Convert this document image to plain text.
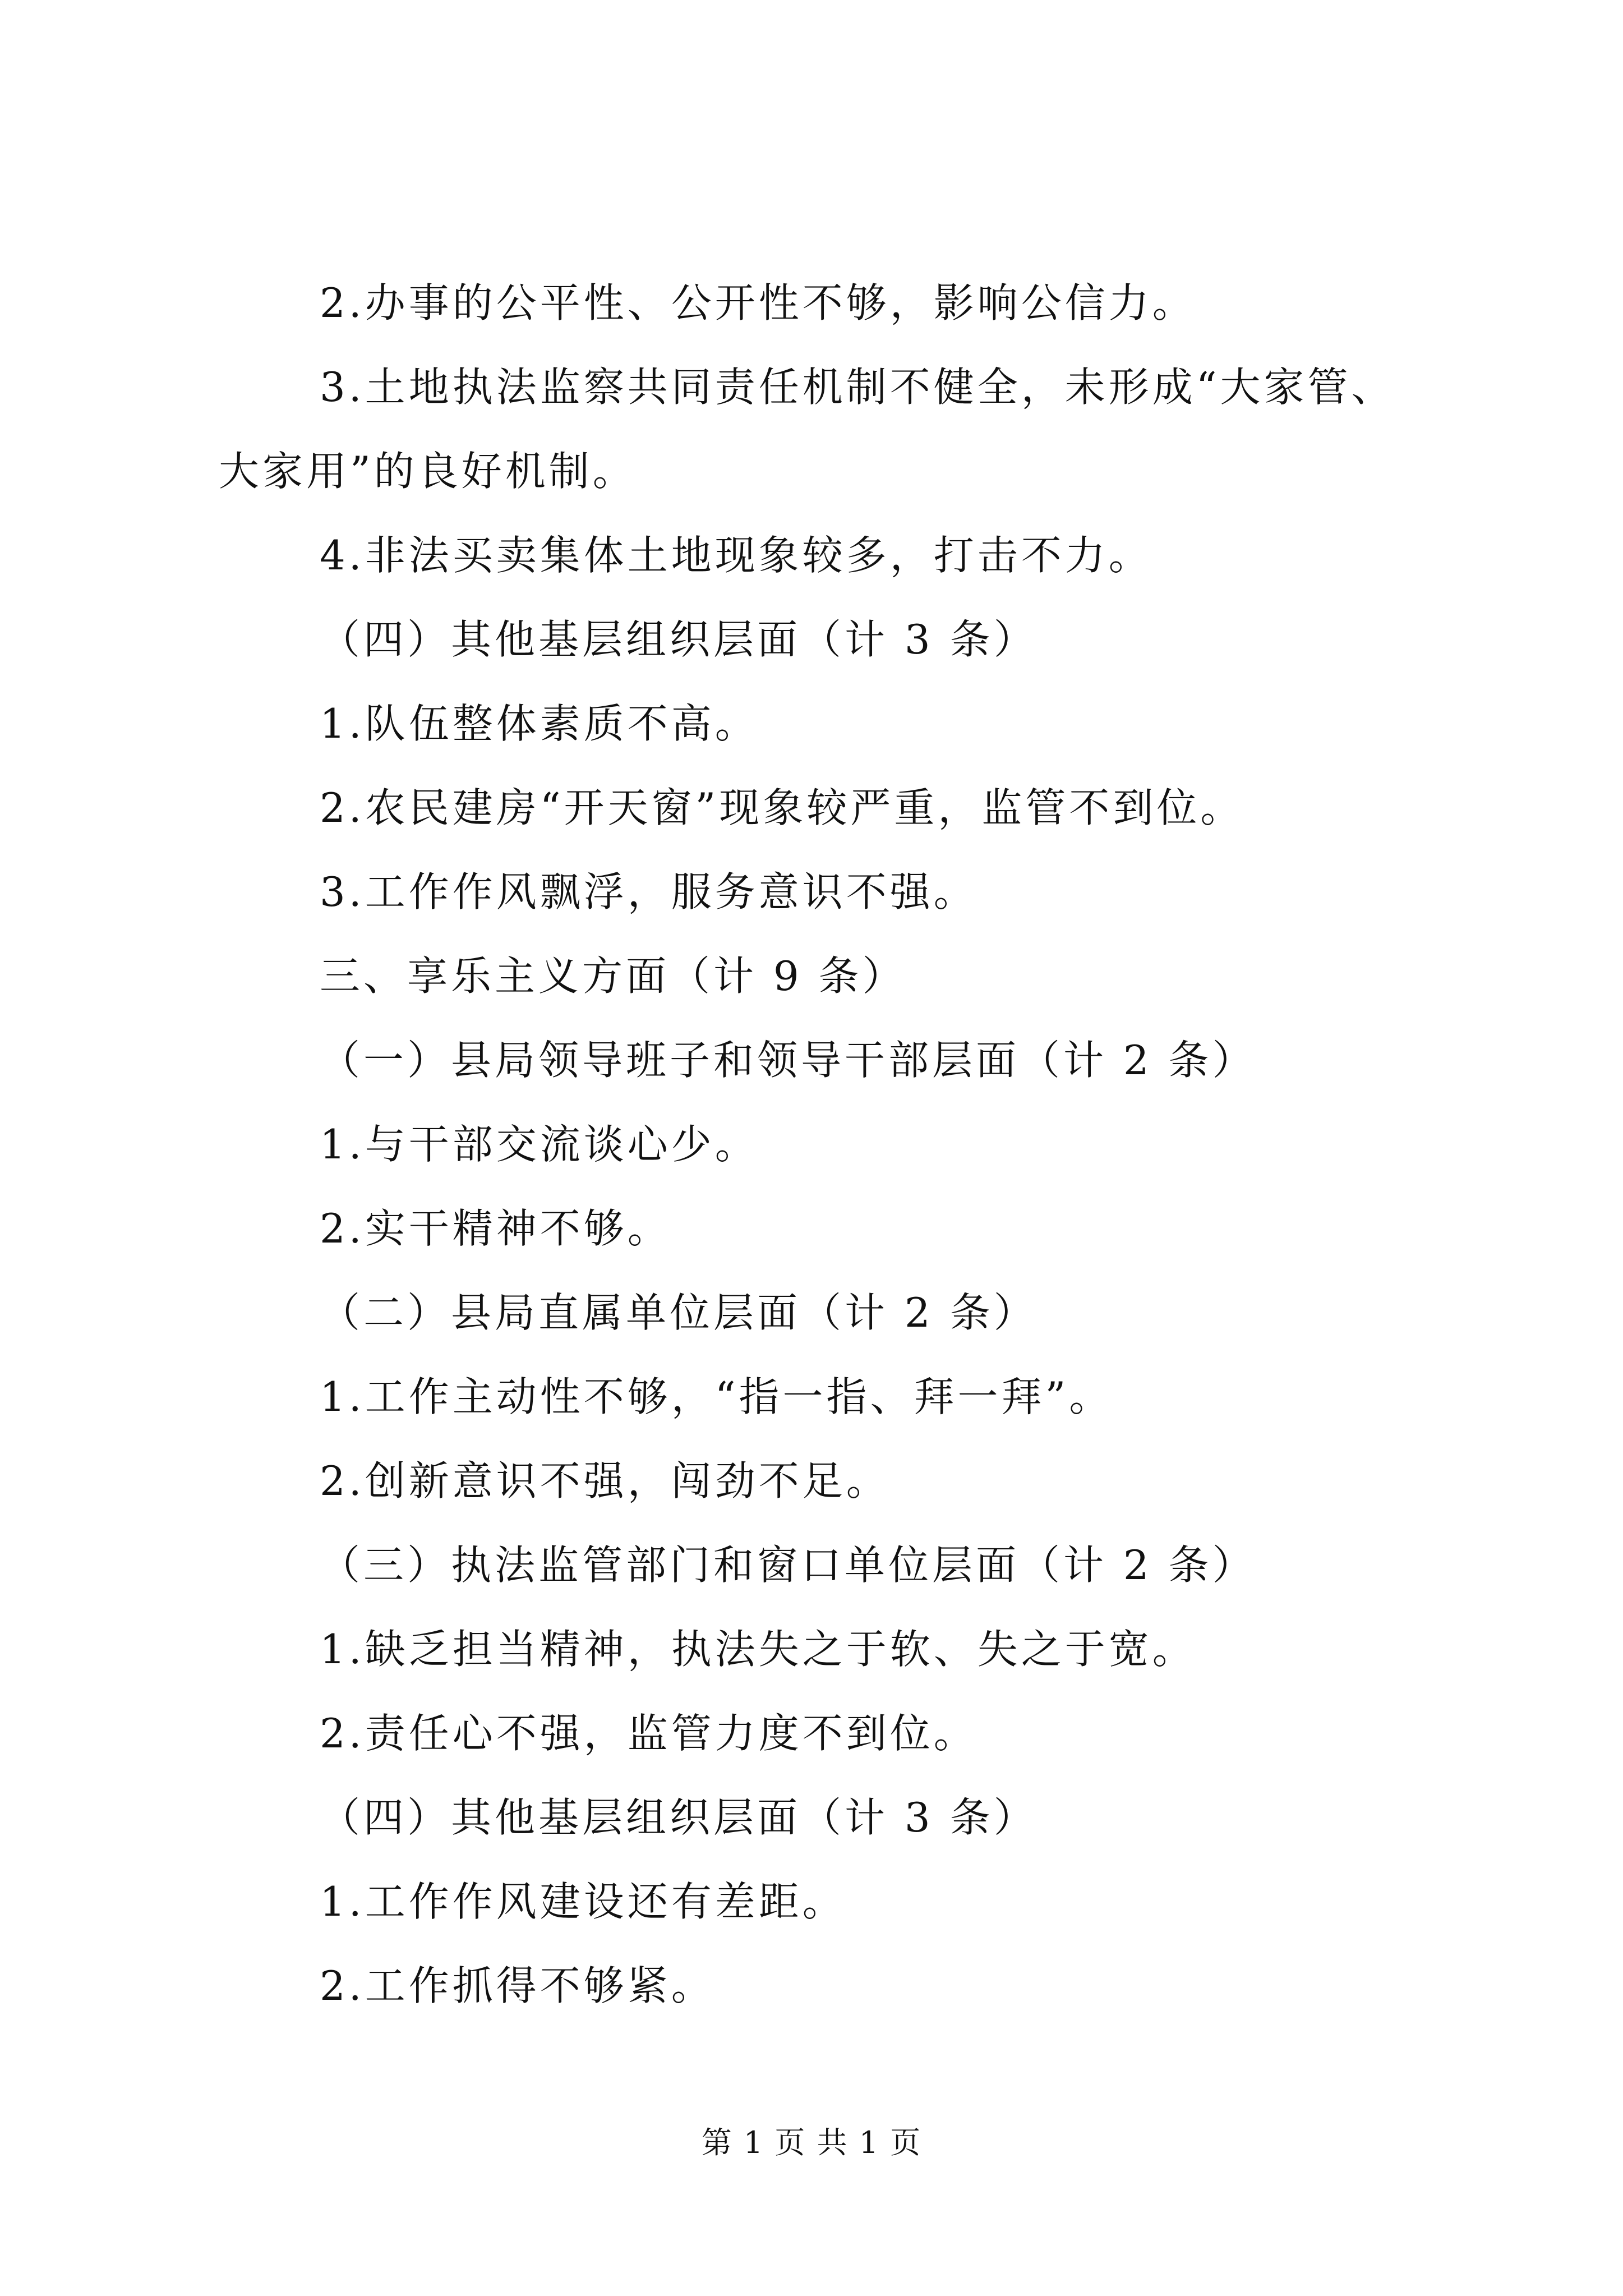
2.办事的公平性、公开性不够，影响公信力。

3.土地执法监察共同责任机制不健全，未形成“大家管、大家用”的良好机制。

4.非法买卖集体土地现象较多，打击不力。

（四）其他基层组织层面（计 3 条）

1.队伍整体素质不高。

2.农民建房“开天窗”现象较严重，监管不到位。

3.工作作风飘浮，服务意识不强。

三、享乐主义方面（计 9 条）

（一）县局领导班子和领导干部层面（计 2 条）

1.与干部交流谈心少。

2.实干精神不够。

（二）县局直属单位层面（计 2 条）

1.工作主动性不够，“指一指、拜一拜”。

2.创新意识不强，闯劲不足。

（三）执法监管部门和窗口单位层面（计 2 条）

1.缺乏担当精神，执法失之于软、失之于宽。

2.责任心不强，监管力度不到位。

（四）其他基层组织层面（计 3 条）

1.工作作风建设还有差距。

2.工作抓得不够紧。

第 1 页 共 1 页
